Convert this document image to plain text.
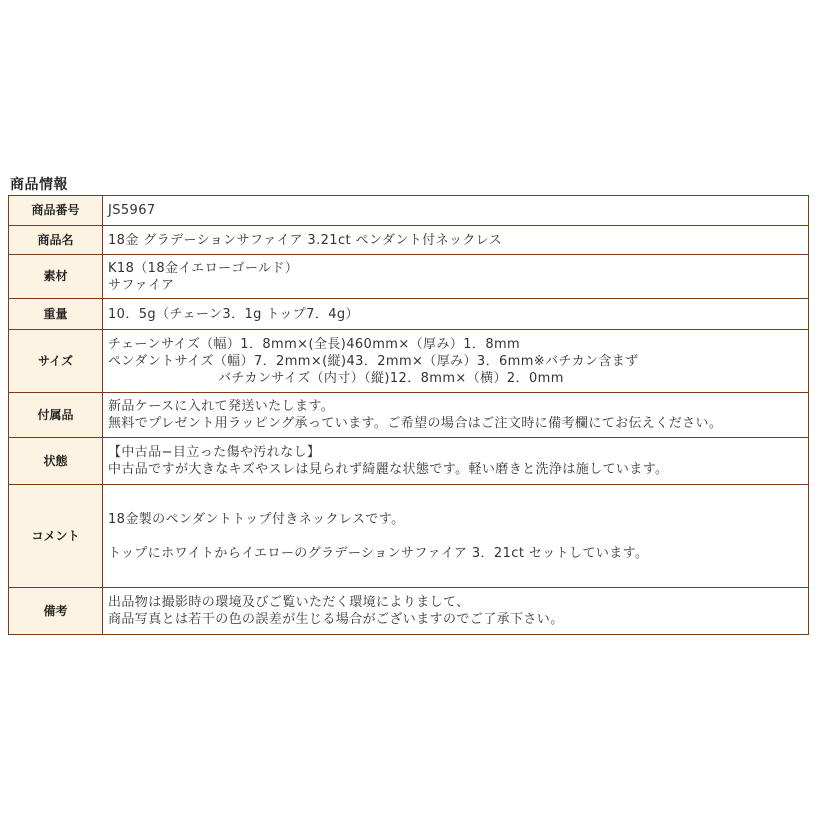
商品情報
商品番号	JS5967
商品名	18金 グラデーションサファイア 3.21ct ペンダント付ネックレス
素材	K18（18金イエローゴールド）
サファイア

重量	10．5g（チェーン3．1g トップ7．4g）
サイズ	チェーンサイズ（幅）1．8mm×(全長)460mm×（厚み）1．8mm
ペンダントサイズ（幅）7．2mm×(縦)43．2mm×（厚み）3．6mm※バチカン含まず
バチカンサイズ（内寸）（縦)12．8mm×（横）2．0mm

付属品	新品ケースに入れて発送いたします。
無料でプレゼント用ラッピング承っています。ご希望の場合はご注文時に備考欄にてお伝えください。

状態	【中古品−目立った傷や汚れなし】
中古品ですが大きなキズやスレは見られず綺麗な状態です。軽い磨きと洗浄は施しています。

コメント	18金製のペンダントトップ付きネックレスです。
トップにホワイトからイエローのグラデーションサファイア 3．21ct セットしています。

備考	出品物は撮影時の環境及びご覧いただく環境によりまして、
商品写真とは若干の色の誤差が生じる場合がございますのでご了承下さい。
